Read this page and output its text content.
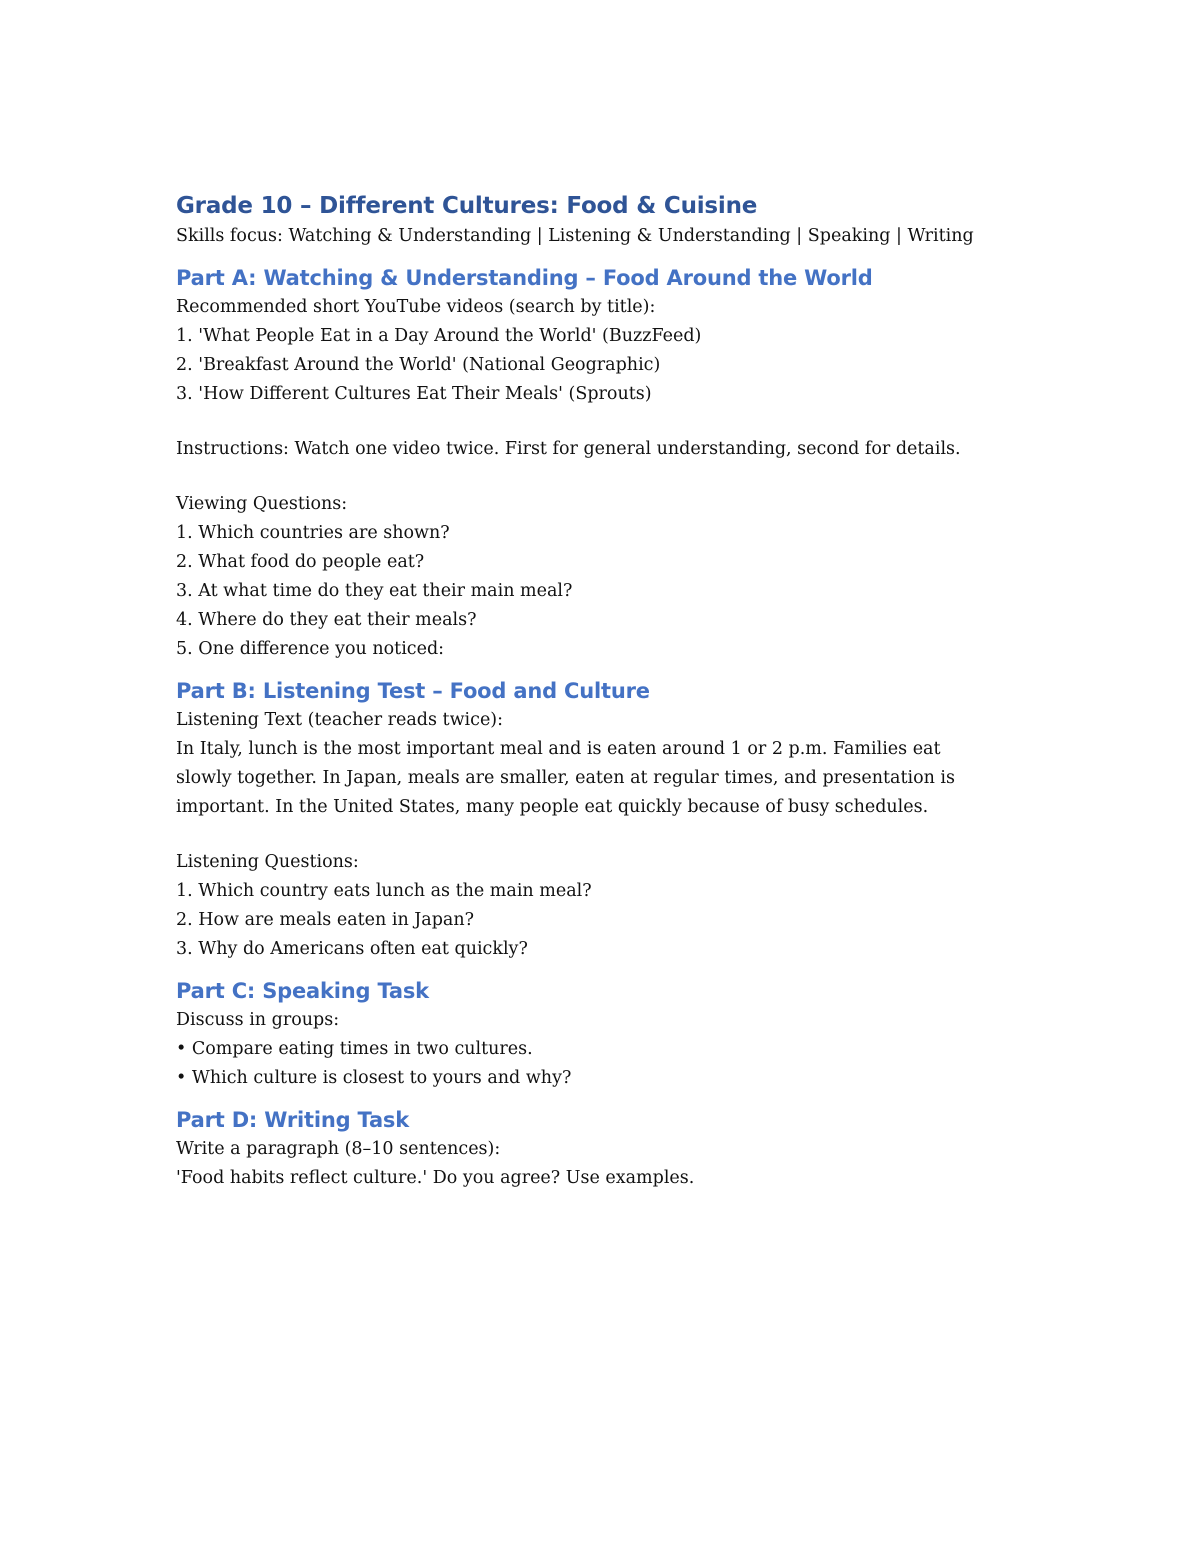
Grade 10 – Different Cultures: Food & Cuisine

Skills focus: Watching & Understanding | Listening & Understanding | Speaking | Writing

Part A: Watching & Understanding – Food Around the World

Recommended short YouTube videos (search by title):

1. 'What People Eat in a Day Around the World' (BuzzFeed)

2. 'Breakfast Around the World' (National Geographic)

3. 'How Different Cultures Eat Their Meals' (Sprouts)

Instructions: Watch one video twice. First for general understanding, second for details.

Viewing Questions:

1. Which countries are shown?

2. What food do people eat?

3. At what time do they eat their main meal?

4. Where do they eat their meals?

5. One difference you noticed:

Part B: Listening Test – Food and Culture

Listening Text (teacher reads twice):

In Italy, lunch is the most important meal and is eaten around 1 or 2 p.m. Families eat

slowly together. In Japan, meals are smaller, eaten at regular times, and presentation is

important. In the United States, many people eat quickly because of busy schedules.

Listening Questions:

1. Which country eats lunch as the main meal?

2. How are meals eaten in Japan?

3. Why do Americans often eat quickly?

Part C: Speaking Task

Discuss in groups:

• Compare eating times in two cultures.

• Which culture is closest to yours and why?

Part D: Writing Task

Write a paragraph (8–10 sentences):

'Food habits reflect culture.' Do you agree? Use examples.
